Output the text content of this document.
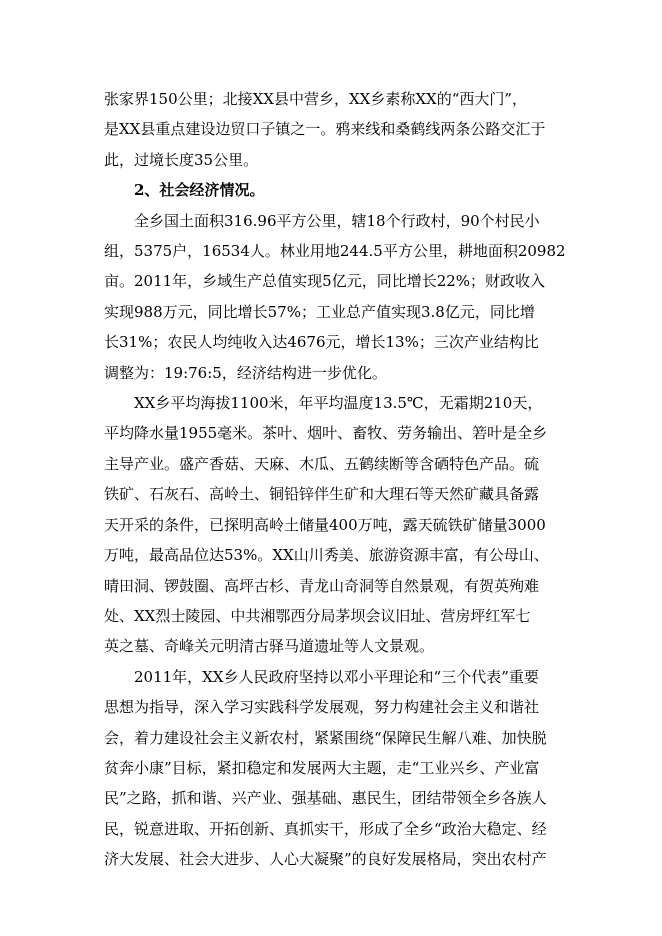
张家界150公里；北接XX县中营乡，XX乡素称XX的“西大门”，
是XX县重点建设边贸口子镇之一。鸦来线和桑鹤线两条公路交汇于
此，过境长度35公里。

2、社会经济情况。

全乡国土面积316.96平方公里，辖18个行政村，90个村民小
组，5375户，16534人。林业用地244.5平方公里，耕地面积20982
亩。2011年，乡域生产总值实现5亿元，同比增长22%；财政收入
实现988万元，同比增长57%；工业总产值实现3.8亿元，同比增
长31%；农民人均纯收入达4676元，增长13%；三次产业结构比
调整为：19:76:5，经济结构进一步优化。

XX乡平均海拔1100米，年平均温度13.5℃，无霜期210天，
平均降水量1955毫米。茶叶、烟叶、畜牧、劳务输出、箬叶是全乡
主导产业。盛产香菇、天麻、木瓜、五鹤续断等含硒特色产品。硫
铁矿、石灰石、高岭土、铜铅锌伴生矿和大理石等天然矿藏具备露
天开采的条件，已探明高岭土储量400万吨，露天硫铁矿储量3000
万吨，最高品位达53%。XX山川秀美、旅游资源丰富，有公母山、
晴田洞、锣鼓圈、高坪古杉、青龙山奇洞等自然景观，有贺英殉难
处、XX烈士陵园、中共湘鄂西分局茅坝会议旧址、营房坪红军七
英之墓、奇峰关元明清古驿马道遗址等人文景观。

2011年，XX乡人民政府坚持以邓小平理论和“三个代表”重要
思想为指导，深入学习实践科学发展观，努力构建社会主义和谐社
会，着力建设社会主义新农村，紧紧围绕“保障民生解八难、加快脱
贫奔小康”目标，紧扣稳定和发展两大主题，走“工业兴乡、产业富
民”之路，抓和谐、兴产业、强基础、惠民生，团结带领全乡各族人
民，锐意进取、开拓创新、真抓实干，形成了全乡“政治大稳定、经
济大发展、社会大进步、人心大凝聚”的良好发展格局，突出农村产
